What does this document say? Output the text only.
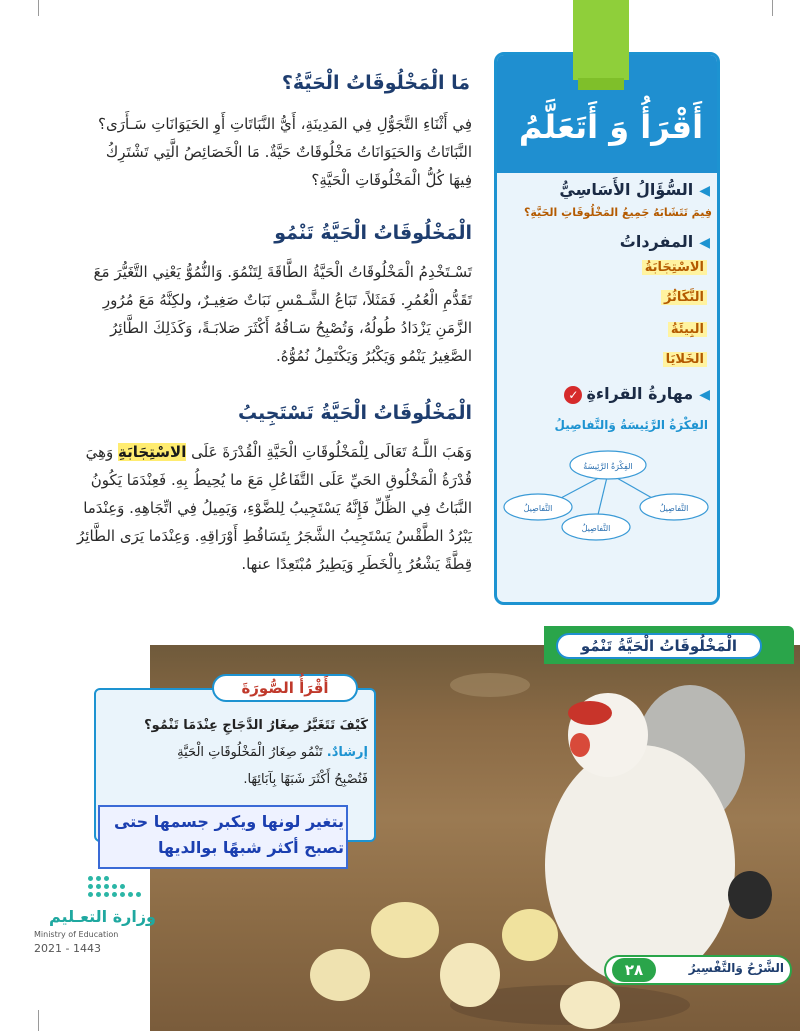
أَقْرَأُ وَ أَتَعَلَّمُ
◀السُّؤَالُ الأَسَاسِيُّ
فِيمَ تَتَشَابَهُ جَمِيعُ المَخْلُوقَاتِ الحَيَّةِ؟
◀المفرداتُ
الاسْتِجَابَةُ
التَّكَاثُرُ
البِيئَةُ
الخَلايَا
◀مهارةُ القراءةِ✓
الفِكْرَةُ الرَّئِيسَةُ وَالتَّفاصِيلُ
الفِكْرَةُ الرَّئِيسَةُ
التَّفاصِيلُ
التَّفاصِيلُ
التَّفاصِيلُ
مَا الْمَخْلُوقَاتُ الْحَيَّةُ؟
فِي أَثْنَاءِ التَّجَوُّلِ فِي المَدِينَةِ، أَيُّ النَّبَاتَاتِ أَوِ الحَيَوَانَاتِ سَـأَرَى؟
النَّبَاتَاتُ وَالحَيَوَانَاتُ مَخْلُوقَاتٌ حَيَّةٌ. مَا الْخَصَائِصُ الَّتِي تَشْتَرِكُ
فِيهَا كُلُّ الْمَخْلُوقَاتِ الْحَيَّةِ؟
الْمَخْلُوقَاتُ الْحَيَّةُ تَنْمُو
تَسْـتَخْدِمُ الْمَخْلُوقَاتُ الْحَيَّةُ الطَّاقَةَ لِتَنْمُوَ. وَالنُّمُوُّ يَعْنِي التَّغَيُّرَ مَعَ
تَقَدُّمِ الْعُمُرِ. فَمَثَلاً، تَبَاعُ الشَّـمْسِ نَبَاتٌ صَغِيـرٌ، ولكِنَّهُ مَعَ مُرُورِ
الزَّمَنِ يَزْدَادُ طُولُهُ، وَتُصْبِحُ سَـاقُهُ أَكْثَرَ صَلابَـةً، وَكَذَلِكَ الطَّائِرُ
الصَّغِيرُ يَنْمُو وَيَكْبُرُ وَيَكْتَمِلُ نُمُوُّهُ.
الْمَخْلُوقَاتُ الْحَيَّةُ تَسْتَجِيبُ
وَهَبَ اللَّـهُ تَعَالَى لِلْمَخْلُوقَاتِ الْحَيَّةِ الْقُدْرَةَ عَلَى الاسْتِجَابَةِ وَهِيَ
قُدْرَةُ الْمَخْلُوقِ الحَيِّ عَلَى التَّفَاعُلِ مَعَ ما يُحِيطُ بِهِ. فَعِنْدَمَا يَكُونُ
النَّبَاتُ فِي الظِّلِّ فَإِنَّهُ يَسْتَجِيبُ لِلضَّوْءِ، وَيَمِيلُ فِي اتِّجَاهِهِ. وَعِنْدَما
يَبْرُدُ الطَّقْسُ يَسْتَجِيبُ الشَّجَرُ بِتَسَاقُطِ أَوْرَاقِهِ. وَعِنْدَما يَرَى الطَّائِرُ
قِطَّةً يَشْعُرُ بِالْخَطَرِ وَيَطِيرُ مُبْتَعِدًا عنها.
الْمَخْلُوقَاتُ الْحَيَّةُ تَنْمُو
أَقْرَأُ الصُّورَةَ
كَيْفَ تَتَغَيَّرُ صِغَارُ الدَّجَاجِ عِنْدَمَا تَنْمُو؟
إرشادٌ. تَنْمُو صِغَارُ الْمَخْلُوقَاتِ الْحَيَّةِ
فَتُصْبِحُ أَكْثَرَ شَبَهًا بِآبَائِهَا.
يتغير لونها ويكبر جسمها حتى
تصبح أكثر شبهًا بوالديها
٢٨	الشَّرْحُ وَالتَّفْسِيرُ
وزارة التعـليم
Ministry of Education
2021 - 1443
